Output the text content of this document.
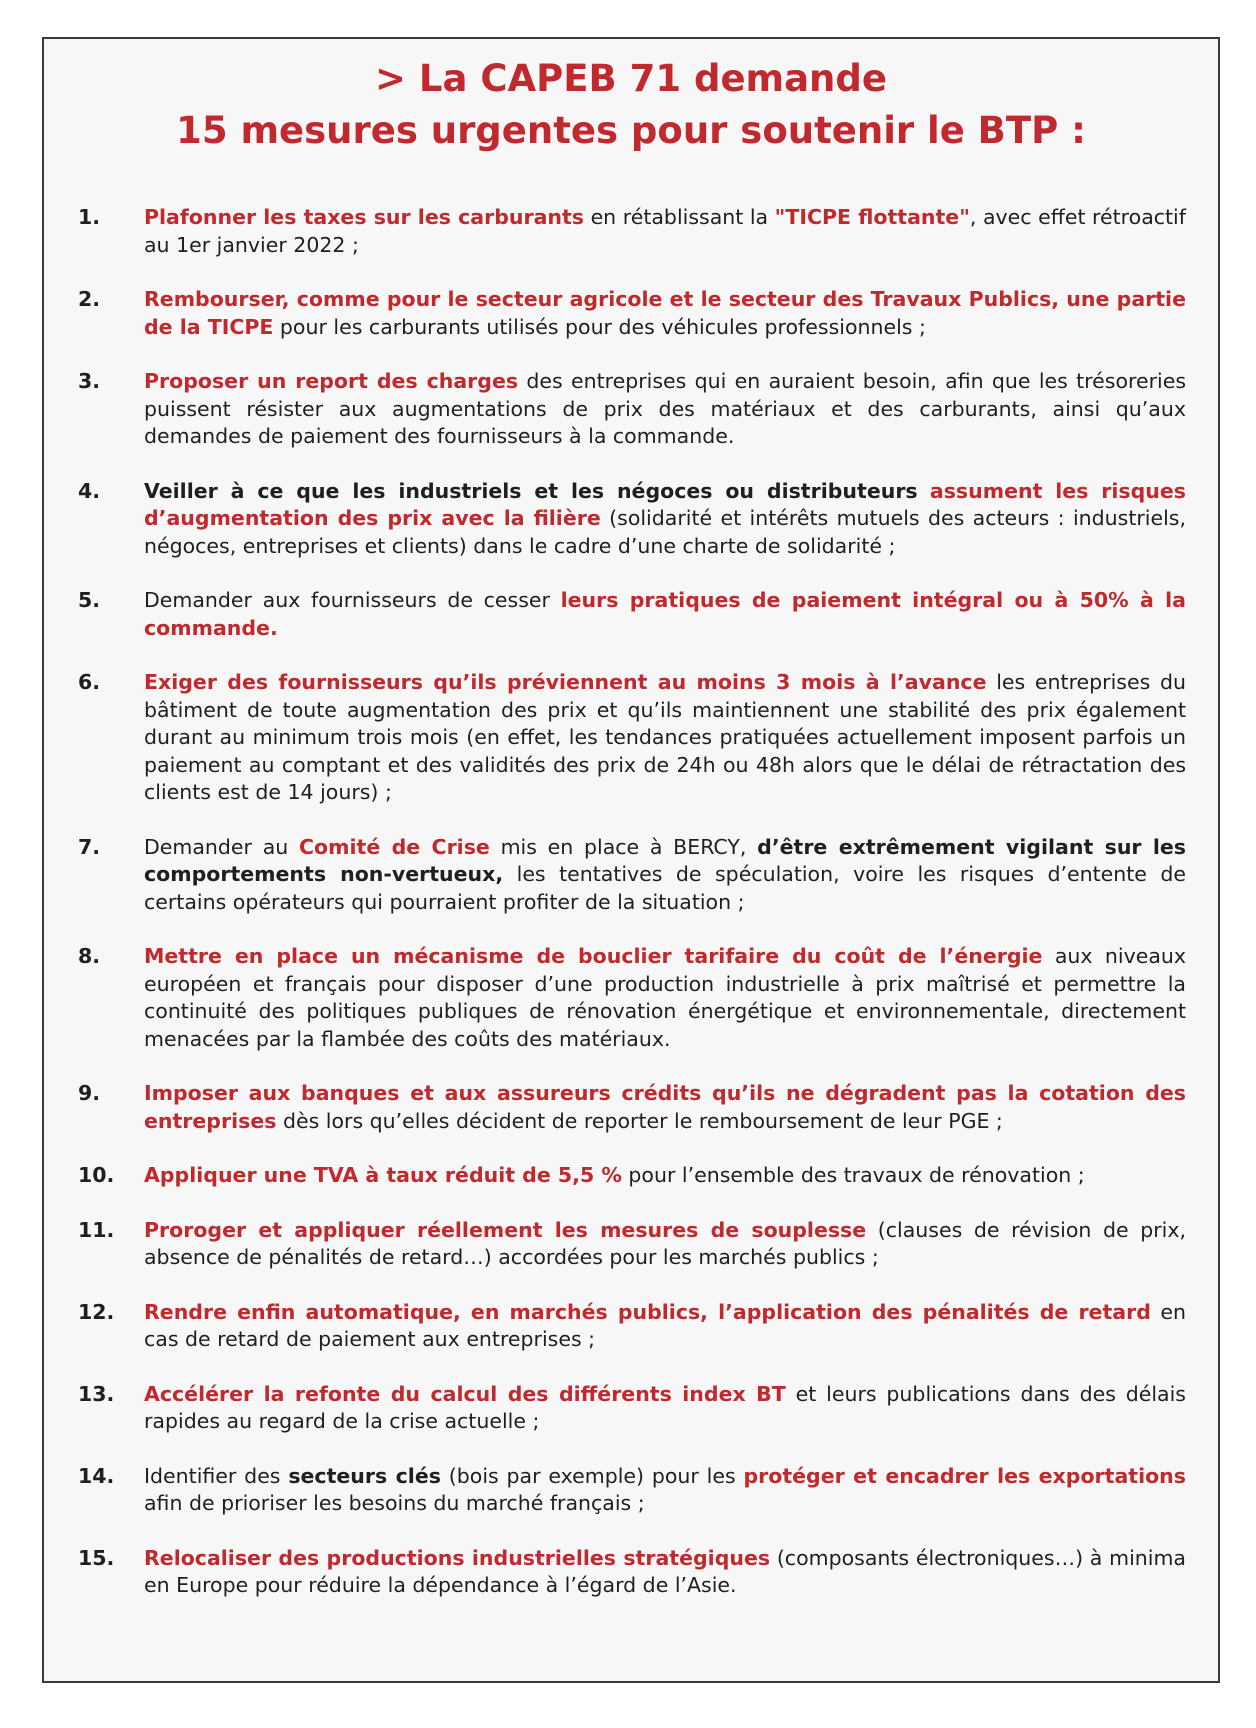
> La CAPEB 71 demande
15 mesures urgentes pour soutenir le BTP :
1.	Plafonner les taxes sur les carburants en rétablissant la "TICPE flottante", avec effet rétroactif au 1er janvier 2022 ;
2.	Rembourser, comme pour le secteur agricole et le secteur des Travaux Publics, une partie de la TICPE pour les carburants utilisés pour des véhicules professionnels ;
3.	Proposer un report des charges des entreprises qui en auraient besoin, afin que les trésoreries puissent résister aux augmentations de prix des matériaux et des carburants, ainsi qu’aux demandes de paiement des fournisseurs à la commande.
4.	Veiller à ce que les industriels et les négoces ou distributeurs assument les risques d’augmentation des prix avec la filière (solidarité et intérêts mutuels des acteurs : industriels, négoces, entreprises et clients) dans le cadre d’une charte de solidarité ;
5.	Demander aux fournisseurs de cesser leurs pratiques de paiement intégral ou à 50% à la commande.
6.	Exiger des fournisseurs qu’ils préviennent au moins 3 mois à l’avance les entreprises du bâtiment de toute augmentation des prix et qu’ils maintiennent une stabilité des prix également durant au minimum trois mois (en effet, les tendances pratiquées actuellement imposent parfois un paiement au comptant et des validités des prix de 24h ou 48h alors que le délai de rétractation des clients est de 14 jours) ;
7.	Demander au Comité de Crise mis en place à BERCY, d’être extrêmement vigilant sur les comportements non-vertueux, les tentatives de spéculation, voire les risques d’entente de certains opérateurs qui pourraient profiter de la situation ;
8.	Mettre en place un mécanisme de bouclier tarifaire du coût de l’énergie aux niveaux européen et français pour disposer d’une production industrielle à prix maîtrisé et permettre la continuité des politiques publiques de rénovation énergétique et environnementale, directement menacées par la flambée des coûts des matériaux.
9.	Imposer aux banques et aux assureurs crédits qu’ils ne dégradent pas la cotation des entreprises dès lors qu’elles décident de reporter le remboursement de leur PGE ;
10.	Appliquer une TVA à taux réduit de 5,5 % pour l’ensemble des travaux de rénovation ;
11.	Proroger et appliquer réellement les mesures de souplesse (clauses de révision de prix, absence de pénalités de retard…) accordées pour les marchés publics ;
12.	Rendre enfin automatique, en marchés publics, l’application des pénalités de retard en cas de retard de paiement aux entreprises ;
13.	Accélérer la refonte du calcul des différents index BT et leurs publications dans des délais rapides au regard de la crise actuelle ;
14.	Identifier des secteurs clés (bois par exemple) pour les protéger et encadrer les exportations afin de prioriser les besoins du marché français ;
15.	Relocaliser des productions industrielles stratégiques (composants électroniques…) à minima en Europe pour réduire la dépendance à l’égard de l’Asie.
